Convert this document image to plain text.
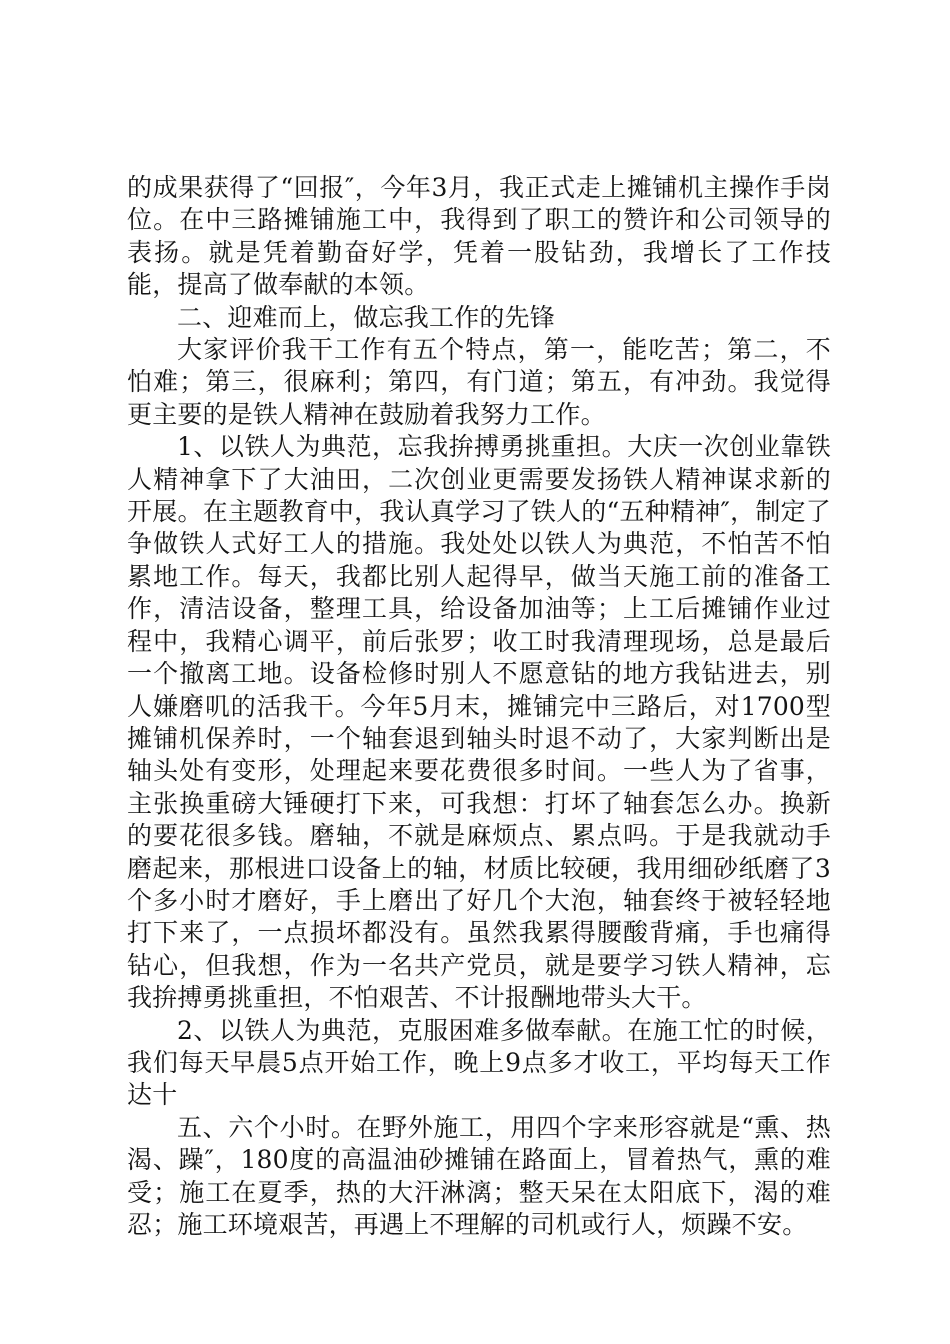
的成果获得了“回报″，今年3月，我正式走上摊铺机主操作手岗位。在中三路摊铺施工中，我得到了职工的赞许和公司领导的表扬。就是凭着勤奋好学，凭着一股钻劲，我增长了工作技能，提高了做奉献的本领。

二、迎难而上，做忘我工作的先锋

大家评价我干工作有五个特点，第一，能吃苦；第二，不怕难；第三，很麻利；第四，有门道；第五，有冲劲。我觉得更主要的是铁人精神在鼓励着我努力工作。

1、以铁人为典范，忘我拚搏勇挑重担。大庆一次创业靠铁人精神拿下了大油田，二次创业更需要发扬铁人精神谋求新的开展。在主题教育中，我认真学习了铁人的“五种精神″，制定了争做铁人式好工人的措施。我处处以铁人为典范，不怕苦不怕累地工作。每天，我都比别人起得早，做当天施工前的准备工作，清洁设备，整理工具，给设备加油等；上工后摊铺作业过程中，我精心调平，前后张罗；收工时我清理现场，总是最后一个撤离工地。设备检修时别人不愿意钻的地方我钻进去，别人嫌磨叽的活我干。今年5月末，摊铺完中三路后，对1700型摊铺机保养时，一个轴套退到轴头时退不动了，大家判断出是轴头处有变形，处理起来要花费很多时间。一些人为了省事，主张换重磅大锤硬打下来，可我想：打坏了轴套怎么办。换新的要花很多钱。磨轴，不就是麻烦点、累点吗。于是我就动手磨起来，那根进口设备上的轴，材质比较硬，我用细砂纸磨了3个多小时才磨好，手上磨出了好几个大泡，轴套终于被轻轻地打下来了，一点损坏都没有。虽然我累得腰酸背痛，手也痛得钻心，但我想，作为一名共产党员，就是要学习铁人精神，忘我拚搏勇挑重担，不怕艰苦、不计报酬地带头大干。

2、以铁人为典范，克服困难多做奉献。在施工忙的时候，我们每天早晨5点开始工作，晚上9点多才收工，平均每天工作达十

五、六个小时。在野外施工，用四个字来形容就是“熏、热渴、躁″，180度的高温油砂摊铺在路面上，冒着热气，熏的难受；施工在夏季，热的大汗淋漓；整天呆在太阳底下，渴的难忍；施工环境艰苦，再遇上不理解的司机或行人，烦躁不安。
